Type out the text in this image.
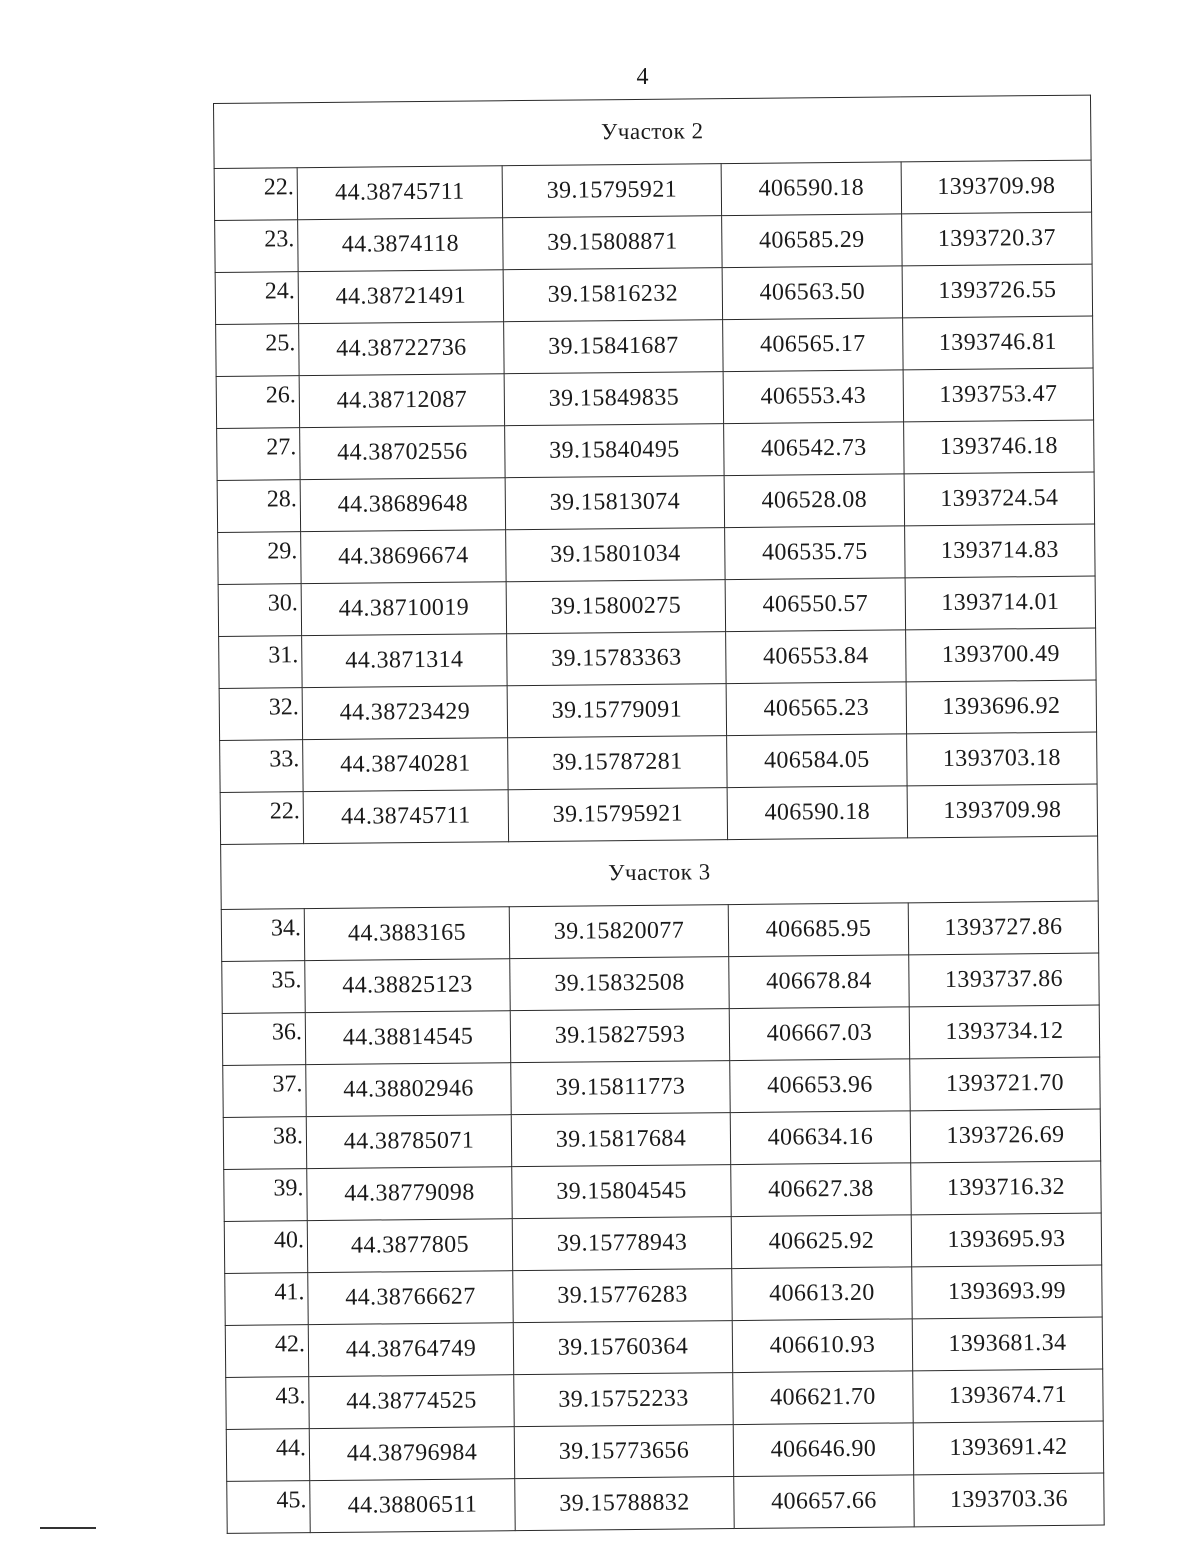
4
Участок 2				
22.	44.38745711	39.15795921	406590.18	1393709.98
23.	44.3874118	39.15808871	406585.29	1393720.37
24.	44.38721491	39.15816232	406563.50	1393726.55
25.	44.38722736	39.15841687	406565.17	1393746.81
26.	44.38712087	39.15849835	406553.43	1393753.47
27.	44.38702556	39.15840495	406542.73	1393746.18
28.	44.38689648	39.15813074	406528.08	1393724.54
29.	44.38696674	39.15801034	406535.75	1393714.83
30.	44.38710019	39.15800275	406550.57	1393714.01
31.	44.3871314	39.15783363	406553.84	1393700.49
32.	44.38723429	39.15779091	406565.23	1393696.92
33.	44.38740281	39.15787281	406584.05	1393703.18
22.	44.38745711	39.15795921	406590.18	1393709.98
Участок 3				
34.	44.3883165	39.15820077	406685.95	1393727.86
35.	44.38825123	39.15832508	406678.84	1393737.86
36.	44.38814545	39.15827593	406667.03	1393734.12
37.	44.38802946	39.15811773	406653.96	1393721.70
38.	44.38785071	39.15817684	406634.16	1393726.69
39.	44.38779098	39.15804545	406627.38	1393716.32
40.	44.3877805	39.15778943	406625.92	1393695.93
41.	44.38766627	39.15776283	406613.20	1393693.99
42.	44.38764749	39.15760364	406610.93	1393681.34
43.	44.38774525	39.15752233	406621.70	1393674.71
44.	44.38796984	39.15773656	406646.90	1393691.42
45.	44.38806511	39.15788832	406657.66	1393703.36
